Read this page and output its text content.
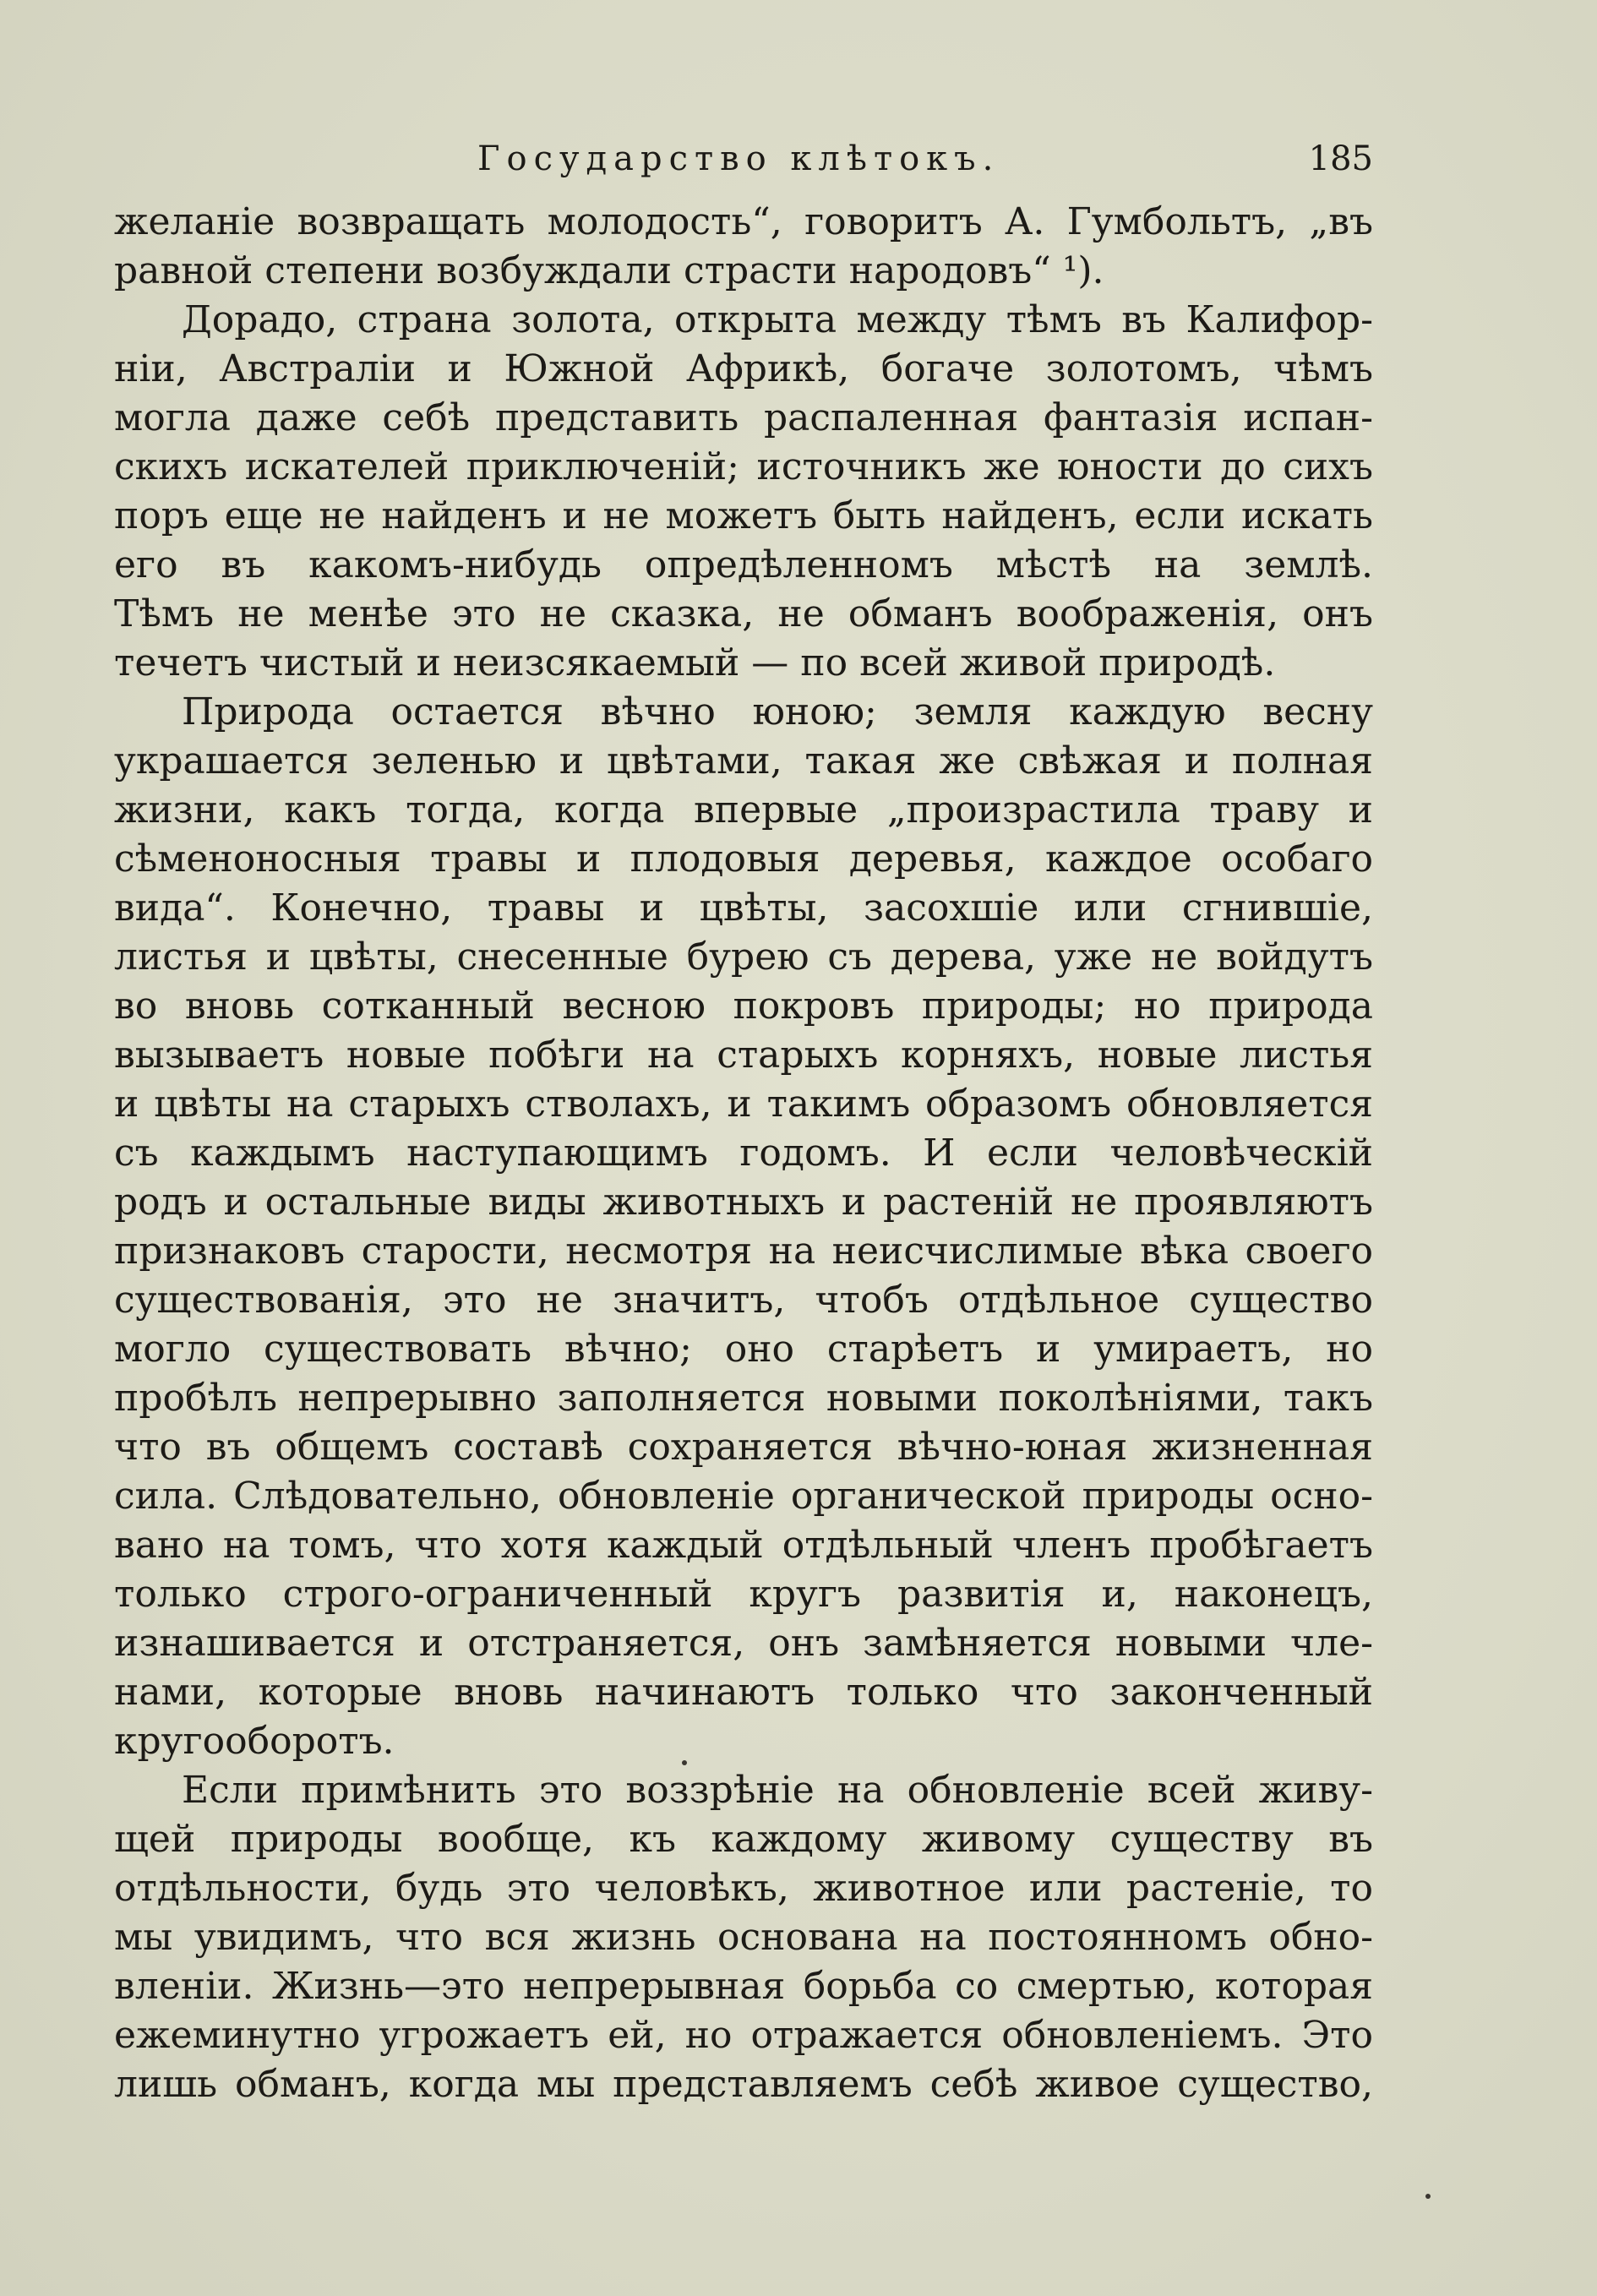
Государство клѣтокъ.	185
желаніе возвращать молодость“, говоритъ А. Гумбольтъ, „въ
равной степени возбуждали страсти народовъ“ ¹).
Дорадо, страна золота, открыта между тѣмъ въ Калифор-
ніи, Австраліи и Южной Африкѣ, богаче золотомъ, чѣмъ
могла даже себѣ представить распаленная фантазія испан-
скихъ искателей приключеній; источникъ же юности до сихъ
поръ еще не найденъ и не можетъ быть найденъ, если искать
его въ какомъ-нибудь опредѣленномъ мѣстѣ на землѣ.
Тѣмъ не менѣе это не сказка, не обманъ воображенія, онъ
течетъ чистый и неизсякаемый — по всей живой природѣ.
Природа остается вѣчно юною; земля каждую весну
украшается зеленью и цвѣтами, такая же свѣжая и полная
жизни, какъ тогда, когда впервые „произрастила траву и
сѣменоносныя травы и плодовыя деревья, каждое особаго
вида“. Конечно, травы и цвѣты, засохшіе или сгнившіе,
листья и цвѣты, снесенные бурею съ дерева, уже не войдутъ
во вновь сотканный весною покровъ природы; но природа
вызываетъ новые побѣги на старыхъ корняхъ, новые листья
и цвѣты на старыхъ стволахъ, и такимъ образомъ обновляется
съ каждымъ наступающимъ годомъ. И если человѣческій
родъ и остальные виды животныхъ и растеній не проявляютъ
признаковъ старости, несмотря на неисчислимые вѣка своего
существованія, это не значитъ, чтобъ отдѣльное существо
могло существовать вѣчно; оно старѣетъ и умираетъ, но
пробѣлъ непрерывно заполняется новыми поколѣніями, такъ
что въ общемъ составѣ сохраняется вѣчно-юная жизненная
сила. Слѣдовательно, обновленіе органической природы осно-
вано на томъ, что хотя каждый отдѣльный членъ пробѣгаетъ
только строго-ограниченный кругъ развитія и, наконецъ,
изнашивается и отстраняется, онъ замѣняется новыми чле-
нами, которые вновь начинаютъ только что законченный
кругооборотъ.
Если примѣнить это воззрѣніе на обновленіе всей живу-
щей природы вообще, къ каждому живому существу въ
отдѣльности, будь это человѣкъ, животное или растеніе, то
мы увидимъ, что вся жизнь основана на постоянномъ обно-
вленіи. Жизнь—это непрерывная борьба со смертью, которая
ежеминутно угрожаетъ ей, но отражается обновленіемъ. Это
лишь обманъ, когда мы представляемъ себѣ живое существо,
